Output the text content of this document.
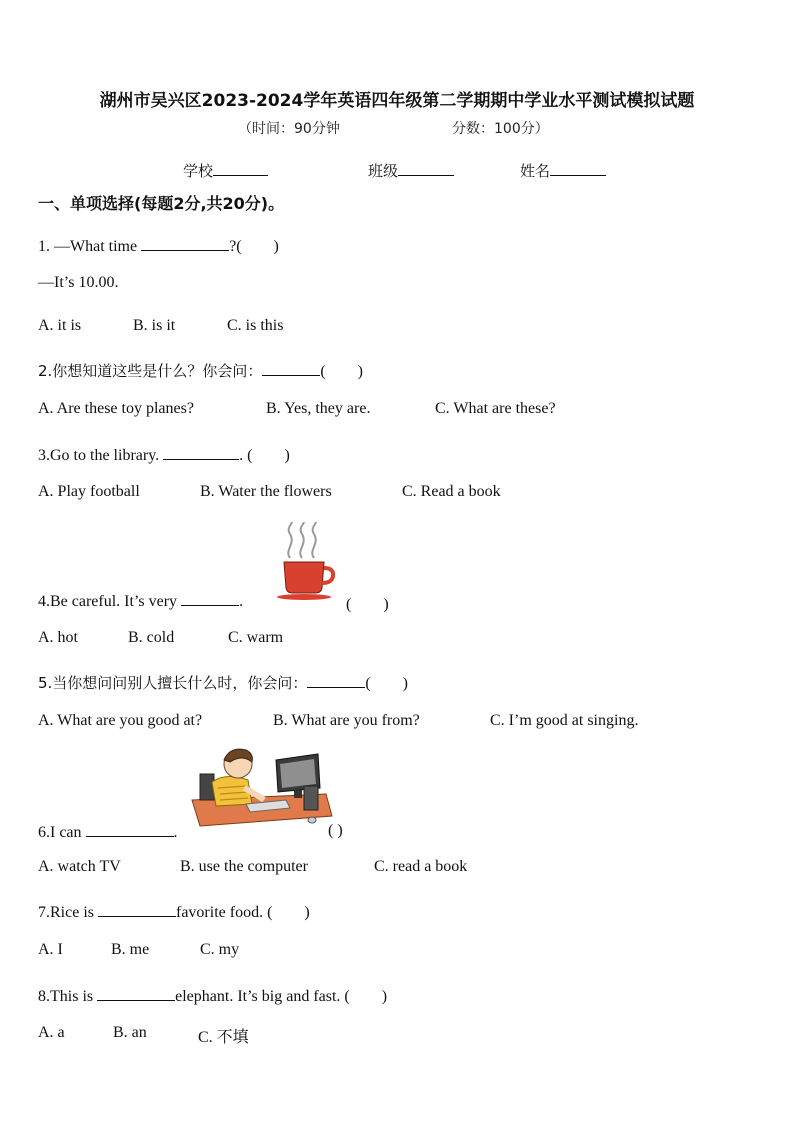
湖州市吴兴区2023-2024学年英语四年级第二学期期中学业水平测试模拟试题
（时间：90分钟	分数：100分）
学校	班级	姓名
一、单项选择(每题2分,共20分)。
1. —What time	?(　　)
—It’s 10.00.
A. it is	B. is it	C. is this
2.你想知道这些是什么？你会问：	(　　)
A. Are these toy planes?	B. Yes, they are.	C. What are these?
3.Go to the library.	. (　　)
A. Play football	B. Water the flowers	C. Read a book
4.Be careful. It’s very	.	(　　)
A. hot	B. cold	C. warm
5.当你想问问别人擅长什么时，你会问：	(　　)
A. What are you good at?	B. What are you from?	C. I’m good at singing.
6.I can	.	( )
A. watch TV	B. use the computer	C. read a book
7.Rice is	favorite food. (　　)
A. I	B. me	C. my
8.This is	elephant. It’s big and fast. (　　)
A. a	B. an	C. 不填
